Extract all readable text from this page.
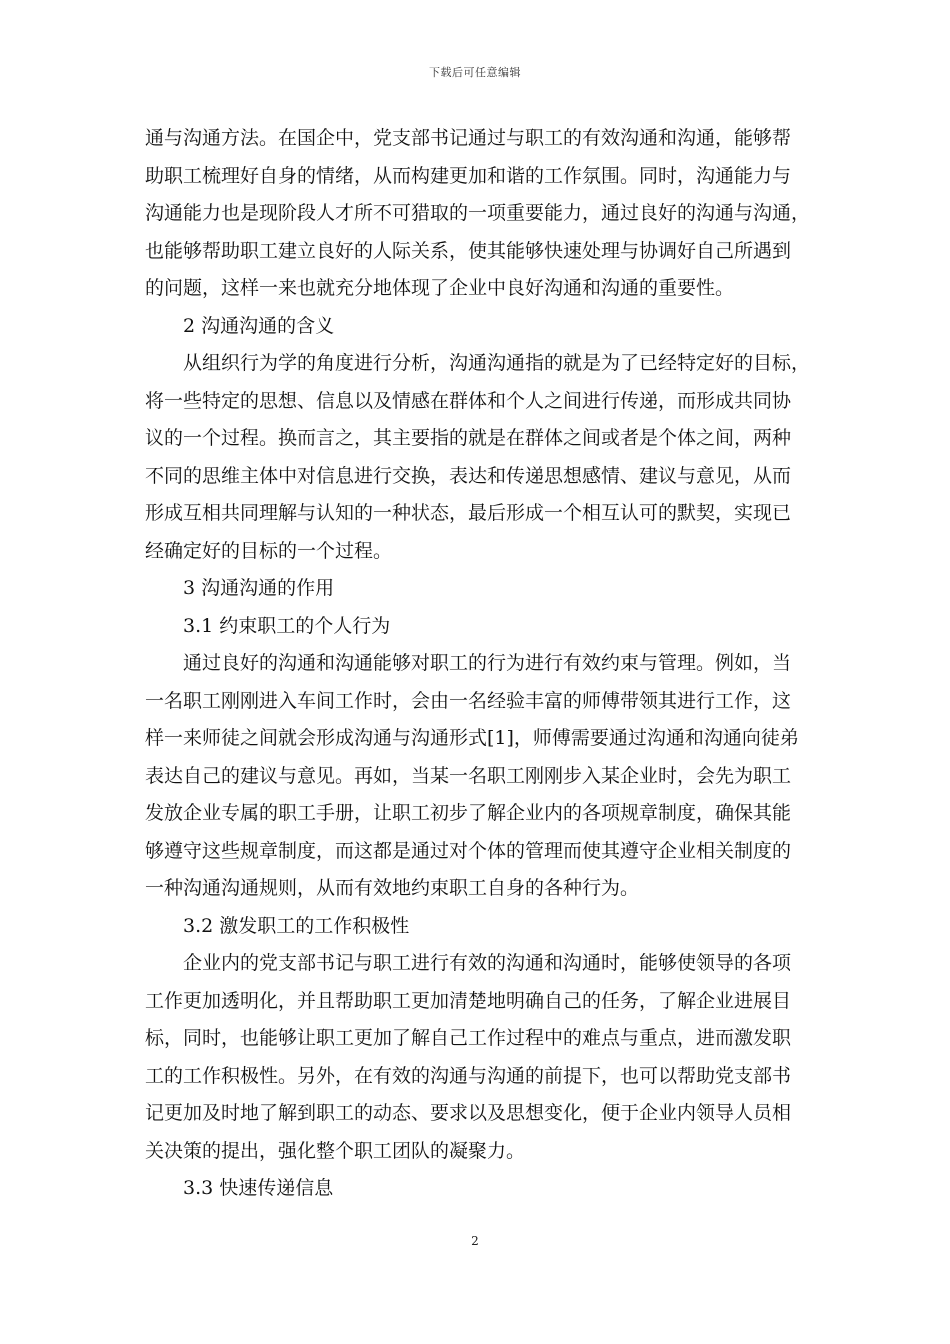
下载后可任意编辑
通与沟通方法。在国企中，党支部书记通过与职工的有效沟通和沟通，能够帮
助职工梳理好自身的情绪，从而构建更加和谐的工作氛围。同时，沟通能力与
沟通能力也是现阶段人才所不可猎取的一项重要能力，通过良好的沟通与沟通，
也能够帮助职工建立良好的人际关系，使其能够快速处理与协调好自己所遇到
的问题，这样一来也就充分地体现了企业中良好沟通和沟通的重要性。
2 沟通沟通的含义
从组织行为学的角度进行分析，沟通沟通指的就是为了已经特定好的目标，
将一些特定的思想、信息以及情感在群体和个人之间进行传递，而形成共同协
议的一个过程。换而言之，其主要指的就是在群体之间或者是个体之间，两种
不同的思维主体中对信息进行交换，表达和传递思想感情、建议与意见，从而
形成互相共同理解与认知的一种状态，最后形成一个相互认可的默契，实现已
经确定好的目标的一个过程。
3 沟通沟通的作用
3.1 约束职工的个人行为
通过良好的沟通和沟通能够对职工的行为进行有效约束与管理。例如，当
一名职工刚刚进入车间工作时，会由一名经验丰富的师傅带领其进行工作，这
样一来师徒之间就会形成沟通与沟通形式[1]，师傅需要通过沟通和沟通向徒弟
表达自己的建议与意见。再如，当某一名职工刚刚步入某企业时，会先为职工
发放企业专属的职工手册，让职工初步了解企业内的各项规章制度，确保其能
够遵守这些规章制度，而这都是通过对个体的管理而使其遵守企业相关制度的
一种沟通沟通规则，从而有效地约束职工自身的各种行为。
3.2 激发职工的工作积极性
企业内的党支部书记与职工进行有效的沟通和沟通时，能够使领导的各项
工作更加透明化，并且帮助职工更加清楚地明确自己的任务，了解企业进展目
标，同时，也能够让职工更加了解自己工作过程中的难点与重点，进而激发职
工的工作积极性。另外，在有效的沟通与沟通的前提下，也可以帮助党支部书
记更加及时地了解到职工的动态、要求以及思想变化，便于企业内领导人员相
关决策的提出，强化整个职工团队的凝聚力。
3.3 快速传递信息
2
